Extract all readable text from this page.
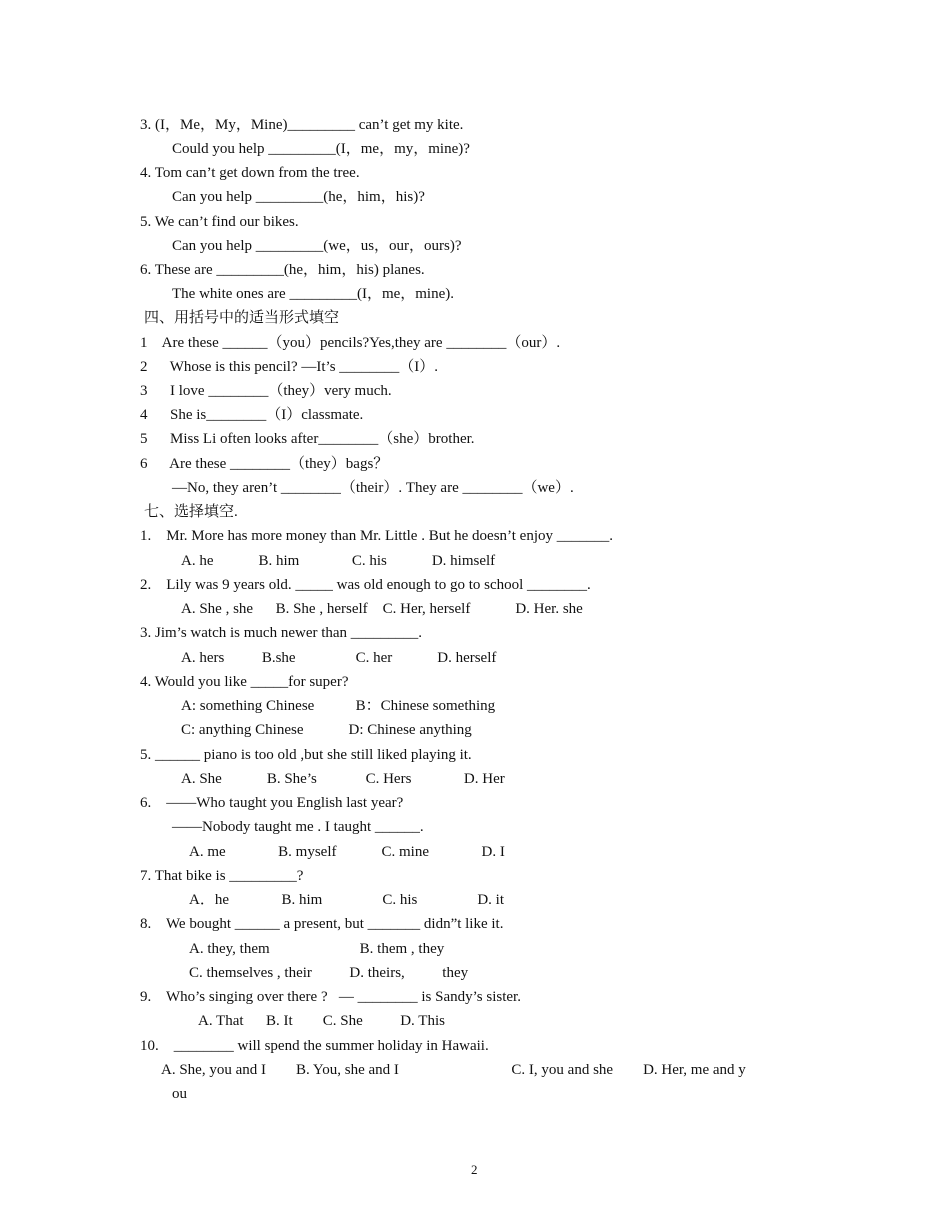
3. (I，Me，My，Mine)_________ can’t get my kite.
Could you help _________(I，me，my，mine)?
4. Tom can’t get down from the tree.
Can you help _________(he，him，his)?
5. We can’t find our bikes.
Can you help _________(we，us，our，ours)?
6. These are _________(he，him，his) planes.
The white ones are _________(I，me，mine).
四、用括号中的适当形式填空
1    Are these ______（you）pencils?Yes,they are ________（our）.
2      Whose is this pencil? —It’s ________（I）.
3      I love ________（they）very much.
4      She is________（I）classmate.
5      Miss Li often looks after________（she）brother.
6      Are these ________（they）bags？
—No, they aren’t ________（their）. They are ________（we）.
七、选择填空.
1.    Mr. More has more money than Mr. Little . But he doesn’t enjoy _______.
A. he            B. him              C. his            D. himself
2.    Lily was 9 years old. _____ was old enough to go to school ________.
A. She , she      B. She , herself    C. Her, herself            D. Her. she
3. Jim’s watch is much newer than _________.
A. hers          B.she                C. her            D. herself
4. Would you like _____for super?
A: something Chinese           B：Chinese something
C: anything Chinese            D: Chinese anything
5. ______ piano is too old ,but she still liked playing it.
A. She            B. She’s             C. Hers              D. Her
6.    ——Who taught you English last year?
——Nobody taught me . I taught ______.
A. me              B. myself            C. mine              D. I
7. That bike is _________?
A．he              B. him                C. his                D. it
8.    We bought ______ a present, but _______ didn”t like it.
A. they, them                        B. them , they
C. themselves , their          D. theirs,          they
9.    Who’s singing over there ?   — ________ is Sandy’s sister.
A. That      B. It        C. She          D. This
10.    ________ will spend the summer holiday in Hawaii.
A. She, you and I        B. You, she and I                              C. I, you and she        D. Her, me and y
ou
2
